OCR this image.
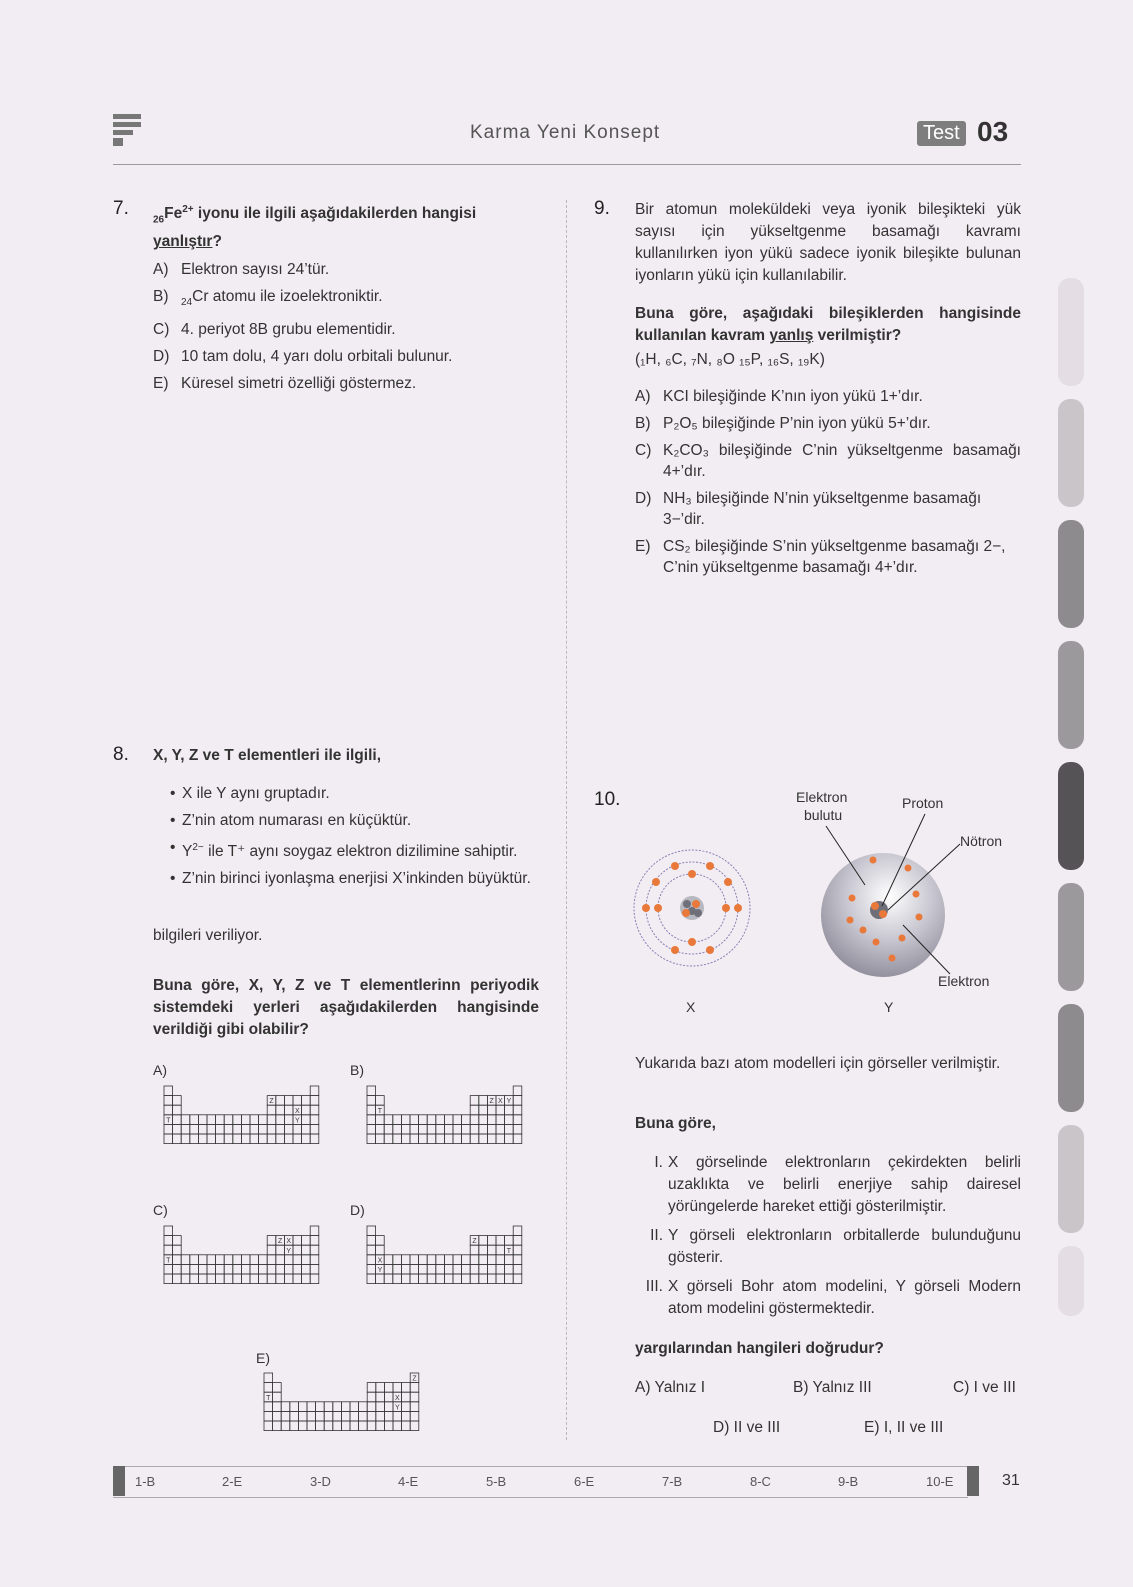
Karma Yeni Konsept	Test 03
7.
$_{26}Fe^{2+}$ iyonu ile ilgili aşağıdakilerden hangisi
yanlıştır?
A) Elektron sayısı 24’tür.
B) $_{24}$Cr atomu ile izoelektroniktir.
C) 4. periyot 8B grubu elementidir.
D) 10 tam dolu, 4 yarı dolu orbitali bulunur.
E) Küresel simetri özelliği göstermez.
8. X, Y, Z ve T elementleri ile ilgili,
• X ile Y aynı gruptadır.
• Z’nin atom numarası en küçüktür.
• $Y^{2-}$ ile T⁺ aynı soygaz elektron dizilimine sahiptir.
• Z’nin birinci iyonlaşma enerjisi X’inkinden büyüktür.
bilgileri veriliyor.
Buna göre, X, Y, Z ve T elementlerinn periyodik sistemdeki yerleri aşağıdakilerden hangisinde verildiği gibi olabilir?
A)	B)
C)	D)
E)
Z
X
T	Y
Z X Y
T
Z X
Y
T
Z
X
Y
T
Z
X
Y
T
9. Bir atomun moleküldeki veya iyonik bileşikteki yük sayısı için yükseltgenme basamağı kavramı kullanılırken iyon yükü sadece iyonik bileşikte bulunan iyonların yükü için kullanılabilir.
Buna göre, aşağıdaki bileşiklerden hangisinde kullanılan kavram yanlış verilmiştir?
(₁H, ₆C, ₇N, ₈O ₁₅P, ₁₆S, ₁₉K)
A) KCI bileşiğinde K’nın iyon yükü 1+’dır.
B) P₂O₅ bileşiğinde P’nin iyon yükü 5+’dır.
C) K₂CO₃ bileşiğinde C’nin yükseltgenme basamağı 4+’dır.
D) NH₃ bileşiğinde N’nin yükseltgenme basamağı 3−’dir.
E) CS₂ bileşiğinde S’nin yükseltgenme basamağı 2−, C’nin yükseltgenme basamağı 4+’dır.
10.	Elektron
bulutu
Proton
Nötron
Elektron
X	Y
Yukarıda bazı atom modelleri için görseller verilmiştir.
Buna göre,
I. X görselinde elektronların çekirdekten belirli uzaklıkta ve belirli enerjiye sahip dairesel yörüngelerde hareket ettiği gösterilmiştir.
II. Y görseli elektronların orbitallerde bulunduğunu gösterir.
III. X görseli Bohr atom modelini, Y görseli Modern atom modelini göstermektedir.
yargılarından hangileri doğrudur?
A) Yalnız I	B) Yalnız III	C) I ve III
D) II ve III	E) I, II ve III
1-B	2-E	3-D	4-E	5-B	6-E	7-B	8-C	9-B	10-E	31
